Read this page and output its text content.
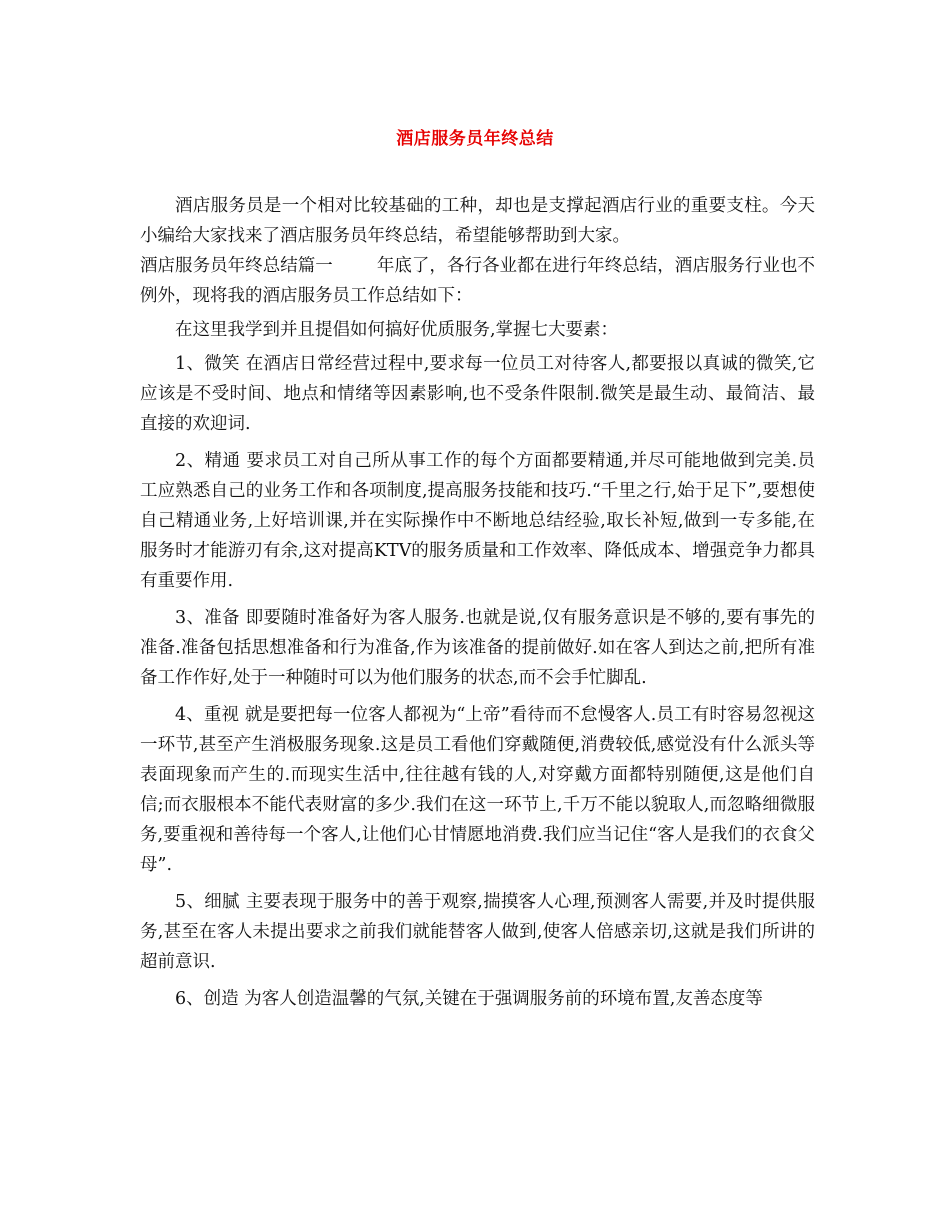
酒店服务员年终总结

酒店服务员是一个相对比较基础的工种，却也是支撑起酒店行业的重要支柱。今天小编给大家找来了酒店服务员年终总结，希望能够帮助到大家。

酒店服务员年终总结篇一	年底了，各行各业都在进行年终总结，酒店服务行业也不例外，现将我的酒店服务员工作总结如下：

在这里我学到并且提倡如何搞好优质服务,掌握七大要素：

1、微笑 在酒店日常经营过程中,要求每一位员工对待客人,都要报以真诚的微笑,它应该是不受时间、地点和情绪等因素影响,也不受条件限制.微笑是最生动、最简洁、最直接的欢迎词.

2、精通 要求员工对自己所从事工作的每个方面都要精通,并尽可能地做到完美.员工应熟悉自己的业务工作和各项制度,提高服务技能和技巧.“千里之行,始于足下”,要想使自己精通业务,上好培训课,并在实际操作中不断地总结经验,取长补短,做到一专多能,在服务时才能游刃有余,这对提高KTV的服务质量和工作效率、降低成本、增强竞争力都具有重要作用.

3、准备 即要随时准备好为客人服务.也就是说,仅有服务意识是不够的,要有事先的准备.准备包括思想准备和行为准备,作为该准备的提前做好.如在客人到达之前,把所有准备工作作好,处于一种随时可以为他们服务的状态,而不会手忙脚乱.

4、重视 就是要把每一位客人都视为“上帝”看待而不怠慢客人.员工有时容易忽视这一环节,甚至产生消极服务现象.这是员工看他们穿戴随便,消费较低,感觉没有什么派头等表面现象而产生的.而现实生活中,往往越有钱的人,对穿戴方面都特别随便,这是他们自信;而衣服根本不能代表财富的多少.我们在这一环节上,千万不能以貌取人,而忽略细微服务,要重视和善待每一个客人,让他们心甘情愿地消费.我们应当记住“客人是我们的衣食父母”.

5、细腻 主要表现于服务中的善于观察,揣摸客人心理,预测客人需要,并及时提供服务,甚至在客人未提出要求之前我们就能替客人做到,使客人倍感亲切,这就是我们所讲的超前意识.

6、创造 为客人创造温馨的气氛,关键在于强调服务前的环境布置,友善态度等
